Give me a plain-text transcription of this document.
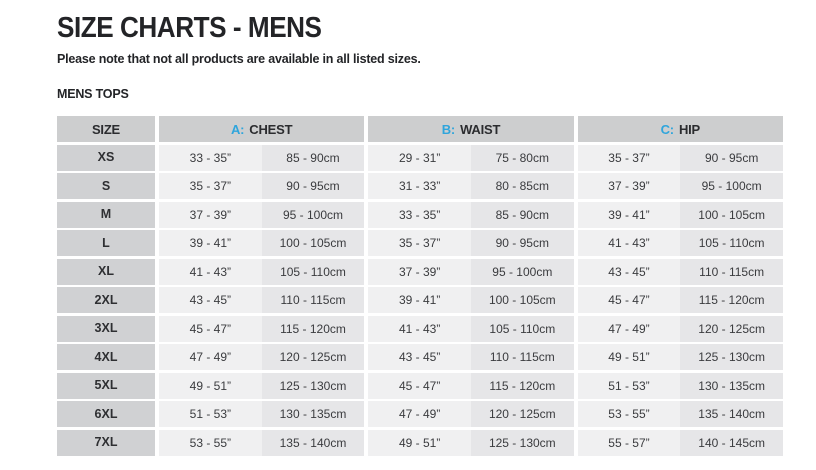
SIZE CHARTS - MENS

Please note that not all products are available in all listed sizes.

MENS TOPS
SIZE	A: CHEST	B: WAIST	C: HIP
XS	33 - 35”	85 - 90cm	29 - 31”	75 - 80cm	35 - 37”	90 - 95cm
S	35 - 37”	90 - 95cm	31 - 33”	80 - 85cm	37 - 39”	95 - 100cm
M	37 - 39”	95 - 100cm	33 - 35”	85 - 90cm	39 - 41”	100 - 105cm
L	39 - 41”	100 - 105cm	35 - 37”	90 - 95cm	41 - 43”	105 - 110cm
XL	41 - 43”	105 - 110cm	37 - 39”	95 - 100cm	43 - 45”	110 - 115cm
2XL	43 - 45”	110 - 115cm	39 - 41”	100 - 105cm	45 - 47”	115 - 120cm
3XL	45 - 47”	115 - 120cm	41 - 43”	105 - 110cm	47 - 49”	120 - 125cm
4XL	47 - 49”	120 - 125cm	43 - 45”	110 - 115cm	49 - 51”	125 - 130cm
5XL	49 - 51”	125 - 130cm	45 - 47”	115 - 120cm	51 - 53”	130 - 135cm
6XL	51 - 53”	130 - 135cm	47 - 49”	120 - 125cm	53 - 55”	135 - 140cm
7XL	53 - 55”	135 - 140cm	49 - 51”	125 - 130cm	55 - 57”	140 - 145cm
